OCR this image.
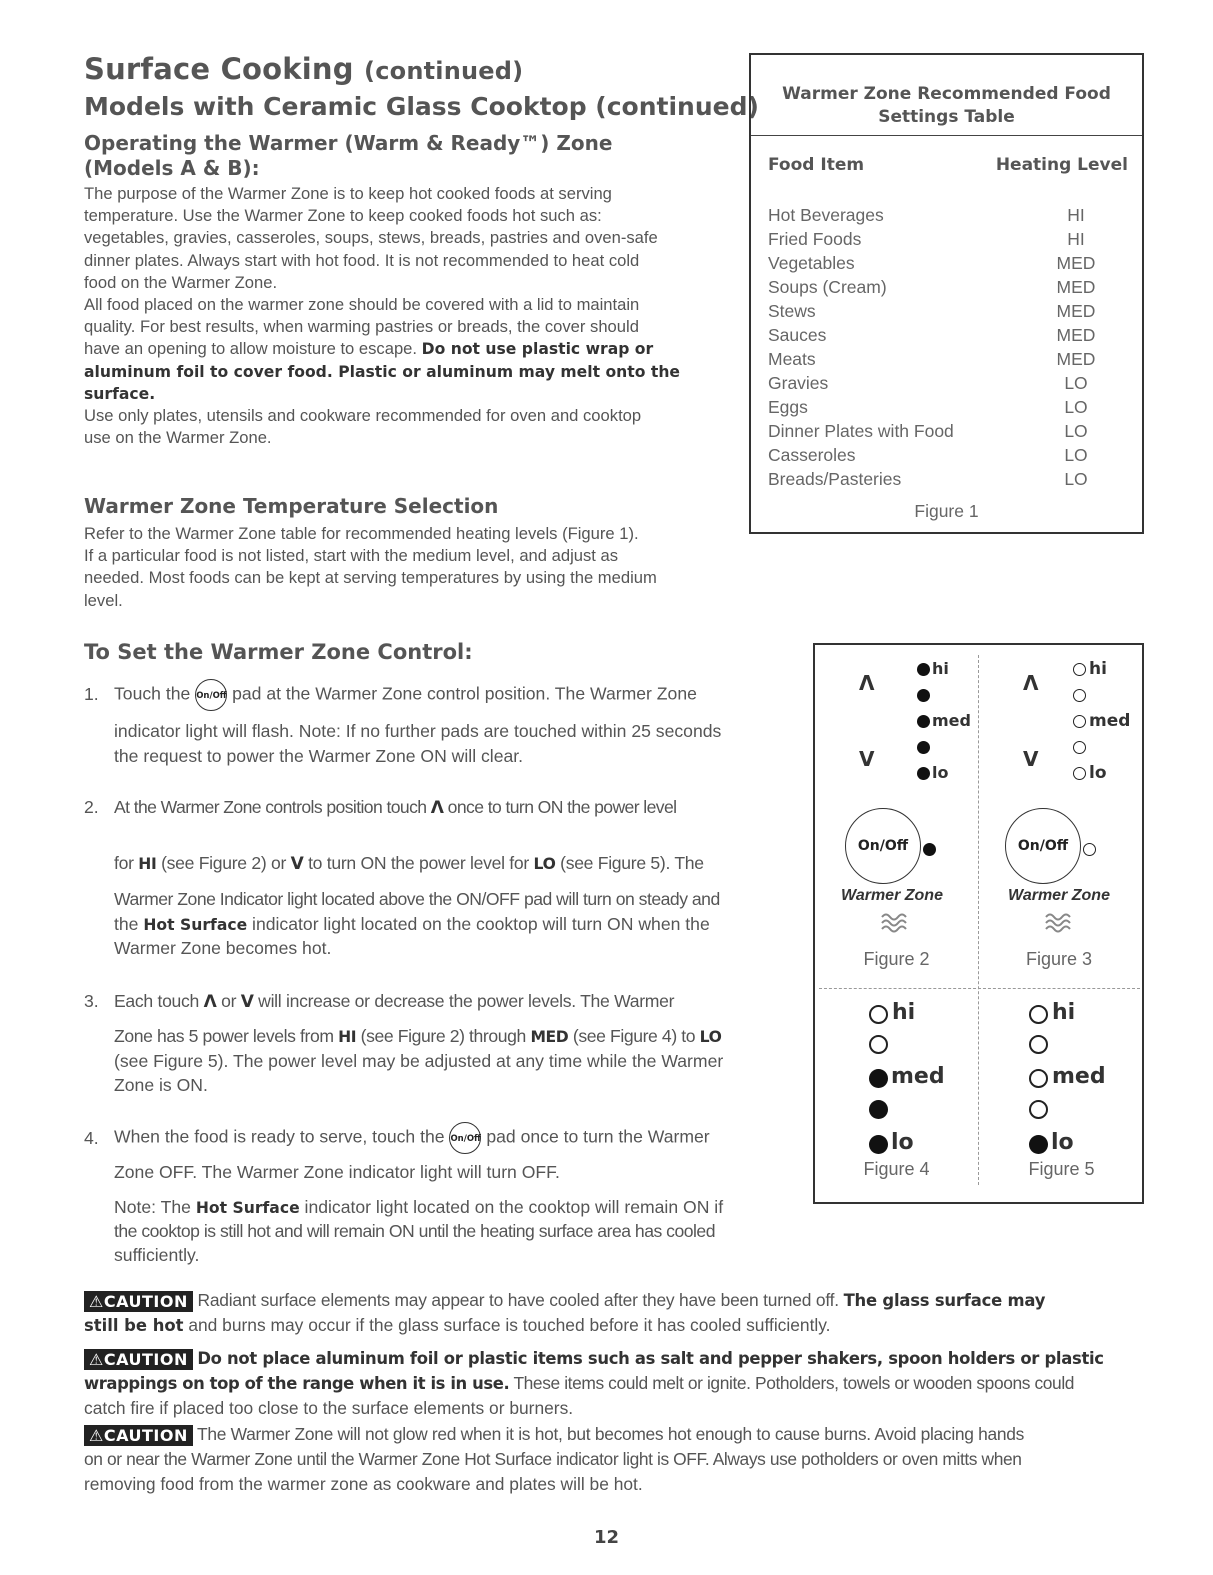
Surface Cooking (continued)
Models with Ceramic Glass Cooktop (continued)
Operating the Warmer (Warm & Ready™) Zone
(Models A & B):
The purpose of the Warmer Zone is to keep hot cooked foods at serving
temperature. Use the Warmer Zone to keep cooked foods hot such as:
vegetables, gravies, casseroles, soups, stews, breads, pastries and oven-safe
dinner plates. Always start with hot food. It is not recommended to heat cold
food on the Warmer Zone.
All food placed on the warmer zone should be covered with a lid to maintain
quality. For best results, when warming pastries or breads, the cover should
have an opening to allow moisture to escape. Do not use plastic wrap or
aluminum foil to cover food. Plastic or aluminum may melt onto the
surface.
Use only plates, utensils and cookware recommended for oven and cooktop
use on the Warmer Zone.
Warmer Zone Temperature Selection
Refer to the Warmer Zone table for recommended heating levels (Figure 1).
If a particular food is not listed, start with the medium level, and adjust as
needed. Most foods can be kept at serving temperatures by using the medium
level.
Warmer Zone Recommended Food
Settings Table
Food Item	Heating Level
Hot Beverages	HI
Fried Foods	HI
Vegetables	MED
Soups (Cream)	MED
Stews	MED
Sauces	MED
Meats	MED
Gravies	LO
Eggs	LO
Dinner Plates with Food	LO
Casseroles	LO
Breads/Pasteries	LO
Figure 1
To Set the Warmer Zone Control:
1. Touch the On/Off pad at the Warmer Zone control position. The Warmer Zone
indicator light will flash. Note: If no further pads are touched within 25 seconds
the request to power the Warmer Zone ON will clear.
2. At the Warmer Zone controls position touch Λ once to turn ON the power level
for HI (see Figure 2) or V to turn ON the power level for LO (see Figure 5). The
Warmer Zone Indicator light located above the ON/OFF pad will turn on steady and
the Hot Surface indicator light located on the cooktop will turn ON when the
Warmer Zone becomes hot.
3. Each touch Λ or V will increase or decrease the power levels. The Warmer
Zone has 5 power levels from HI (see Figure 2) through MED (see Figure 4) to LO
(see Figure 5). The power level may be adjusted at any time while the Warmer
Zone is ON.
4. When the food is ready to serve, touch the On/Off pad once to turn the Warmer
Zone OFF. The Warmer Zone indicator light will turn OFF.
Note: The Hot Surface indicator light located on the cooktop will remain ON if
the cooktop is still hot and will remain ON until the heating surface area has cooled
sufficiently.
Λ
V
hi
med
lo
On/Off
Warmer Zone
Figure 2
Λ
V
hi
med
lo
On/Off
Warmer Zone
Figure 3
hi
med
lo
Figure 4
hi
med
lo
Figure 5
⚠CAUTION Radiant surface elements may appear to have cooled after they have been turned off. The glass surface may
still be hot and burns may occur if the glass surface is touched before it has cooled sufficiently.
⚠CAUTION Do not place aluminum foil or plastic items such as salt and pepper shakers, spoon holders or plastic
wrappings on top of the range when it is in use. These items could melt or ignite. Potholders, towels or wooden spoons could
catch fire if placed too close to the surface elements or burners.
⚠CAUTION The Warmer Zone will not glow red when it is hot, but becomes hot enough to cause burns. Avoid placing hands
on or near the Warmer Zone until the Warmer Zone Hot Surface indicator light is OFF. Always use potholders or oven mitts when
removing food from the warmer zone as cookware and plates will be hot.
12
